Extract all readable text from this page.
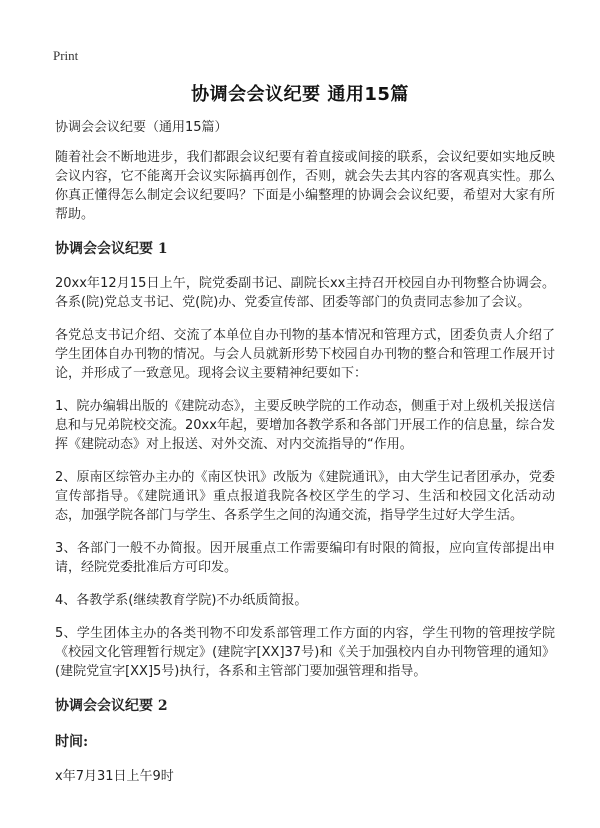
Print
协调会会议纪要 通用15篇

协调会会议纪要（通用15篇）

随着社会不断地进步，我们都跟会议纪要有着直接或间接的联系，会议纪要如实地反映会议内容，它不能离开会议实际搞再创作，否则，就会失去其内容的客观真实性。那么你真正懂得怎么制定会议纪要吗？下面是小编整理的协调会会议纪要，希望对大家有所帮助。

协调会会议纪要 1

20xx年12月15日上午，院党委副书记、副院长xx主持召开校园自办刊物整合协调会。各系(院)党总支书记、党(院)办、党委宣传部、团委等部门的负责同志参加了会议。

各党总支书记介绍、交流了本单位自办刊物的基本情况和管理方式，团委负责人介绍了学生团体自办刊物的情况。与会人员就新形势下校园自办刊物的整合和管理工作展开讨论，并形成了一致意见。现将会议主要精神纪要如下：

1、院办编辑出版的《建院动态》，主要反映学院的工作动态，侧重于对上级机关报送信息和与兄弟院校交流。20xx年起，要增加各教学系和各部门开展工作的信息量，综合发挥《建院动态》对上报送、对外交流、对内交流指导的“作用。

2、原南区综管办主办的《南区快讯》改版为《建院通讯》，由大学生记者团承办，党委宣传部指导。《建院通讯》重点报道我院各校区学生的学习、生活和校园文化活动动态，加强学院各部门与学生、各系学生之间的沟通交流，指导学生过好大学生活。

3、各部门一般不办简报。因开展重点工作需要编印有时限的简报，应向宣传部提出申请，经院党委批准后方可印发。

4、各教学系(继续教育学院)不办纸质简报。

5、学生团体主办的各类刊物不印发系部管理工作方面的内容，学生刊物的管理按学院《校园文化管理暂行规定》(建院字[XX]37号)和《关于加强校内自办刊物管理的通知》(建院党宣字[XX]5号)执行，各系和主管部门要加强管理和指导。

协调会会议纪要 2
时间:

x年7月31日上午9时
